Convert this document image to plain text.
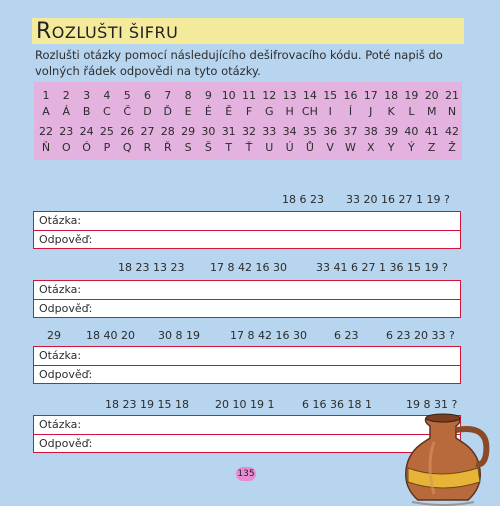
ROZLUŠTI ŠIFRU
Rozlušti otázky pomocí následujícího dešifrovacího kódu. Poté napiš do volných řádek odpovědi na tyto otázky.
1	2	3	4	5	6	7	8	9 10 11 12 13 14 15 16 17 18 19 20 21
A	Á	B	C	Č	D	Ď	E	É	Ě	F	G	H CH I	Í	J	K	L	M	N
22 23 24 25 26 27 28 29 30 31 32 33 34 35 36 37 38 39 40 41 42
Ň	O	Ó	P	Q	R	Ř	S	Š	T	Ť	U	Ú	Ů	V	W	X	Y	Ý	Z	Ž
18 6 23 33 20 16 27 1 19 ?
Otázka:
Odpověď:
18 23 13 23 17 8 42 16 30	33 41 6 27 1 36 15 19 ?
Otázka:
Odpověď:
29 18 40 20 30 8 19	17 8 42 16 30 6 23	6 23 20 33 ?
Otázka:
Odpověď:
18 23 19 15 18 20 10 19 1	6 16 36 18 1	19 8 31 ?
Otázka:
Odpověď:
135
